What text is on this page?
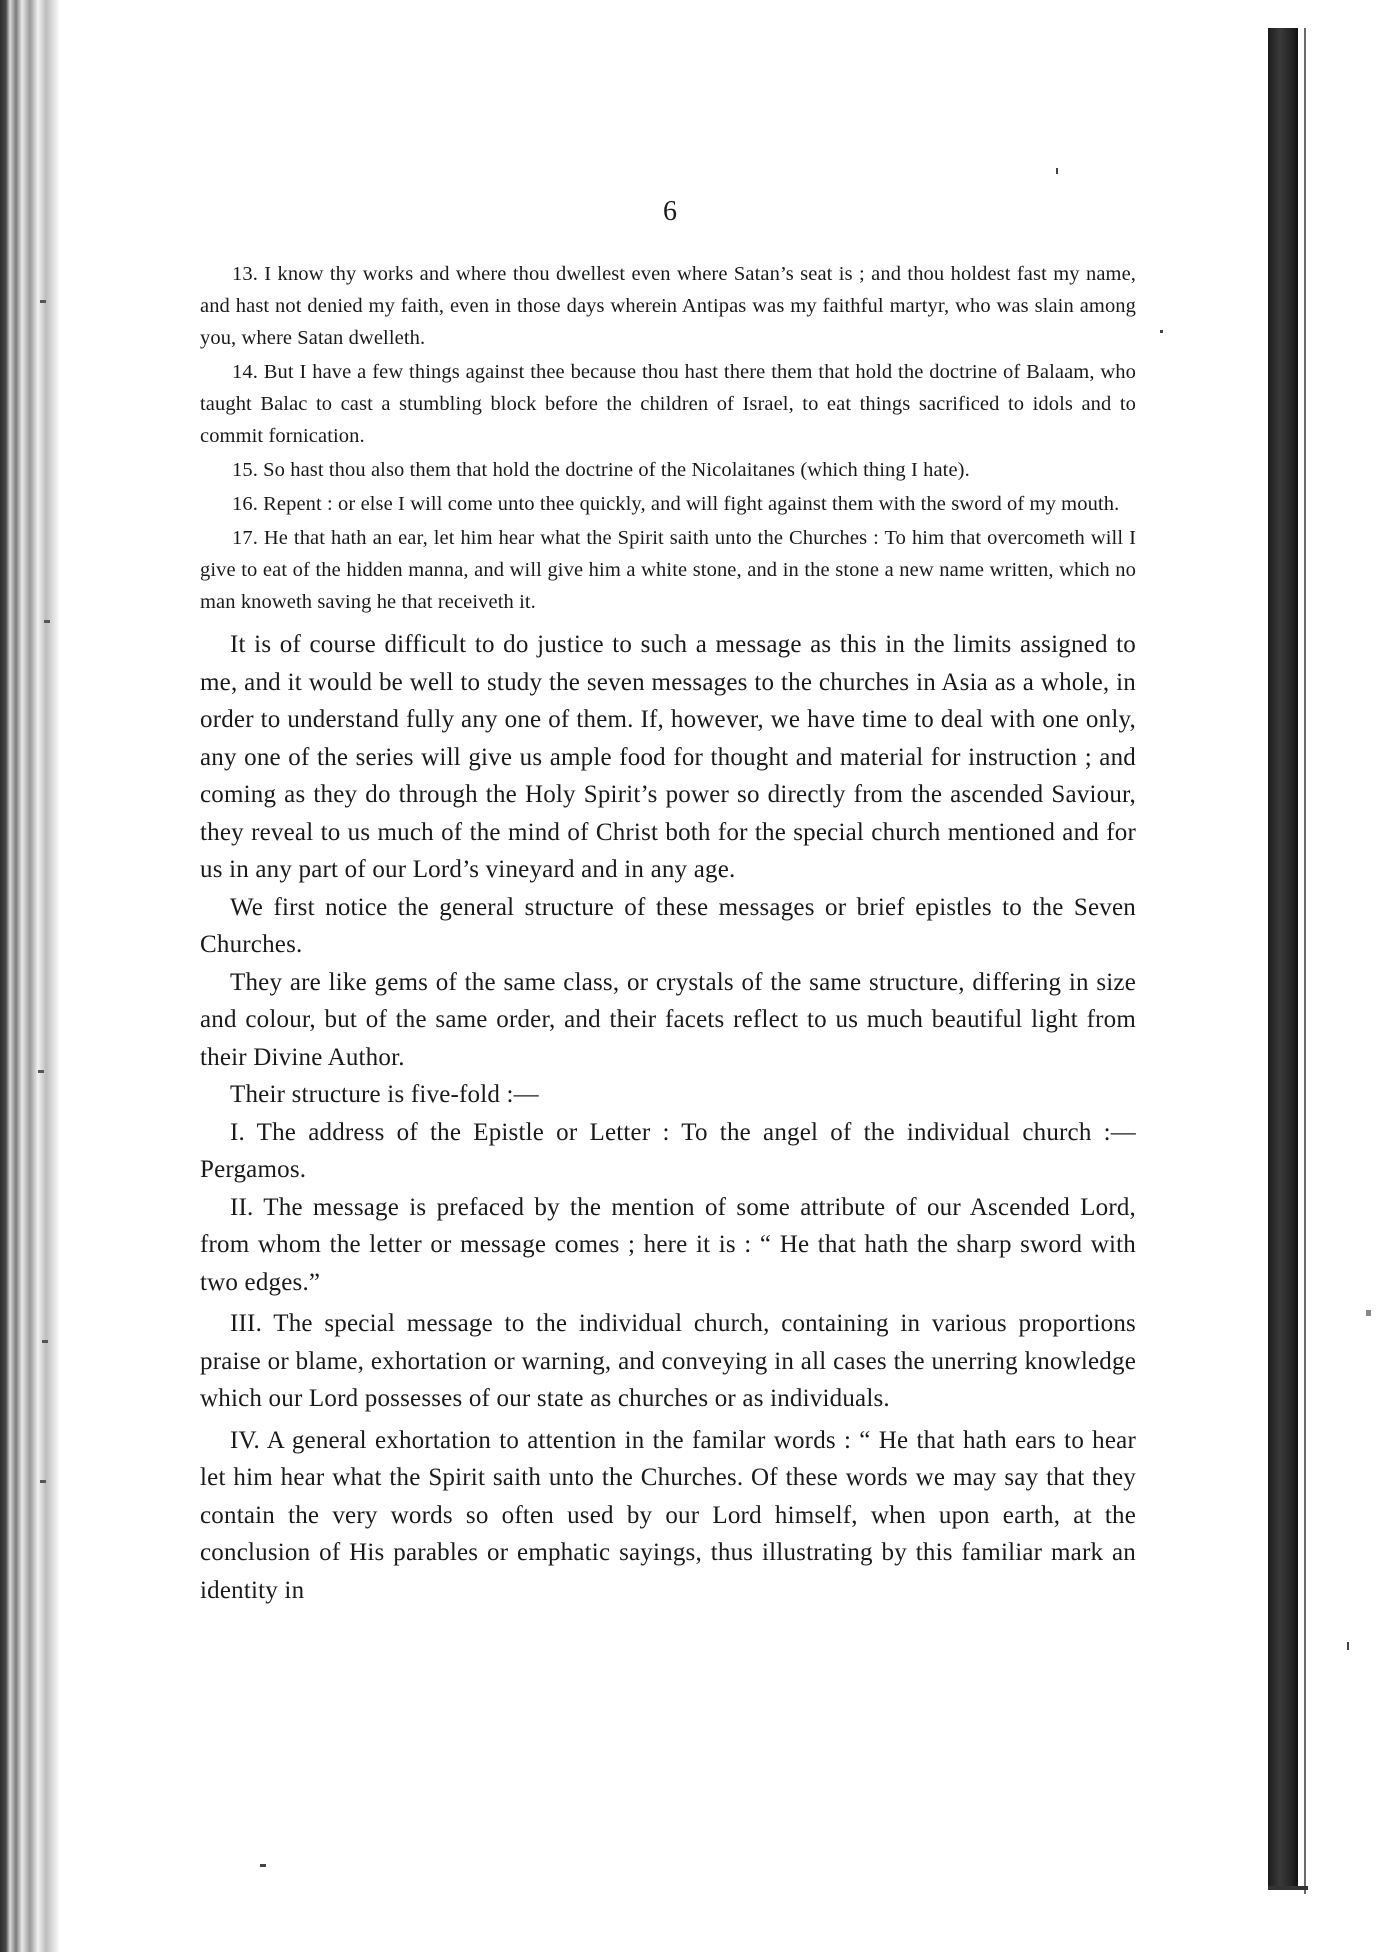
6

13. I know thy works and where thou dwellest even where Satan’s seat is ; and thou holdest fast my name, and hast not denied my faith, even in those days wherein Antipas was my faithful martyr, who was slain among you, where Satan dwelleth.

14. But I have a few things against thee because thou hast there them that hold the doctrine of Balaam, who taught Balac to cast a stumbling block before the children of Israel, to eat things sacrificed to idols and to commit fornication.

15. So hast thou also them that hold the doctrine of the Nicolaitanes (which thing I hate).

16. Repent : or else I will come unto thee quickly, and will fight against them with the sword of my mouth.

17. He that hath an ear, let him hear what the Spirit saith unto the Churches : To him that overcometh will I give to eat of the hidden manna, and will give him a white stone, and in the stone a new name written, which no man knoweth saving he that receiveth it.

It is of course difficult to do justice to such a message as this in the limits assigned to me, and it would be well to study the seven messages to the churches in Asia as a whole, in order to understand fully any one of them. If, however, we have time to deal with one only, any one of the series will give us ample food for thought and material for instruction ; and coming as they do through the Holy Spirit’s power so directly from the ascended Saviour, they reveal to us much of the mind of Christ both for the special church mentioned and for us in any part of our Lord’s vineyard and in any age.

We first notice the general structure of these messages or brief epistles to the Seven Churches.

They are like gems of the same class, or crystals of the same structure, differing in size and colour, but of the same order, and their facets reflect to us much beautiful light from their Divine Author.

Their structure is five-fold :—

I. The address of the Epistle or Letter : To the angel of the individual church :—Pergamos.

II. The message is prefaced by the mention of some attribute of our Ascended Lord, from whom the letter or message comes ; here it is : “ He that hath the sharp sword with two edges.”

III. The special message to the individual church, containing in various proportions praise or blame, exhortation or warning, and conveying in all cases the unerring knowledge which our Lord possesses of our state as churches or as individuals.

IV. A general exhortation to attention in the familar words : “ He that hath ears to hear let him hear what the Spirit saith unto the Churches. Of these words we may say that they contain the very words so often used by our Lord himself, when upon earth, at the conclusion of His parables or emphatic sayings, thus illustrating by this familiar mark an identity in
